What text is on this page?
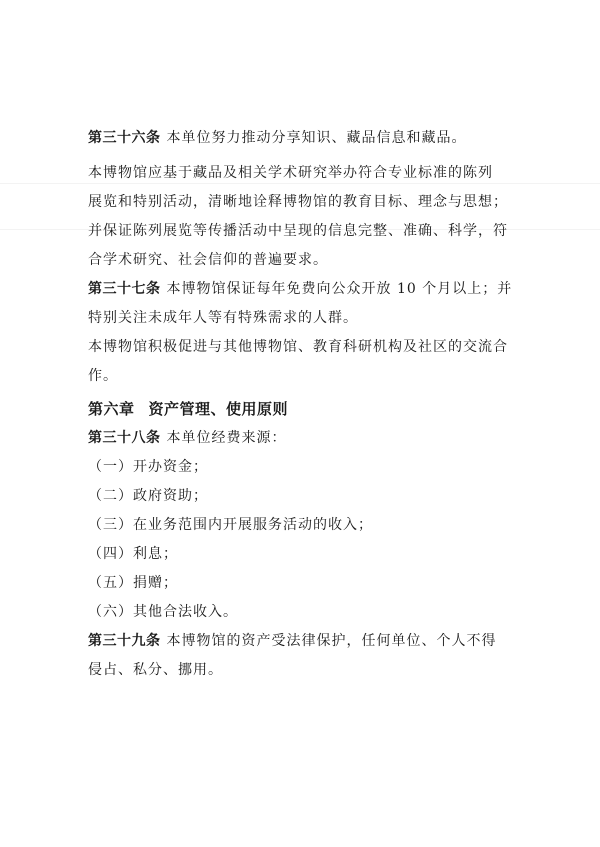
第三十六条 本单位努力推动分享知识、藏品信息和藏品。
本博物馆应基于藏品及相关学术研究举办符合专业标准的陈列
展览和特别活动，清晰地诠释博物馆的教育目标、理念与思想；
并保证陈列展览等传播活动中呈现的信息完整、准确、科学，符
合学术研究、社会信仰的普遍要求。
第三十七条 本博物馆保证每年免费向公众开放 10 个月以上；并
特别关注未成年人等有特殊需求的人群。
本博物馆积极促进与其他博物馆、教育科研机构及社区的交流合
作。
第六章 资产管理、使用原则
第三十八条 本单位经费来源：
（一）开办资金；
（二）政府资助；
（三）在业务范围内开展服务活动的收入；
（四）利息；
（五）捐赠；
（六）其他合法收入。
第三十九条 本博物馆的资产受法律保护，任何单位、个人不得
侵占、私分、挪用。
